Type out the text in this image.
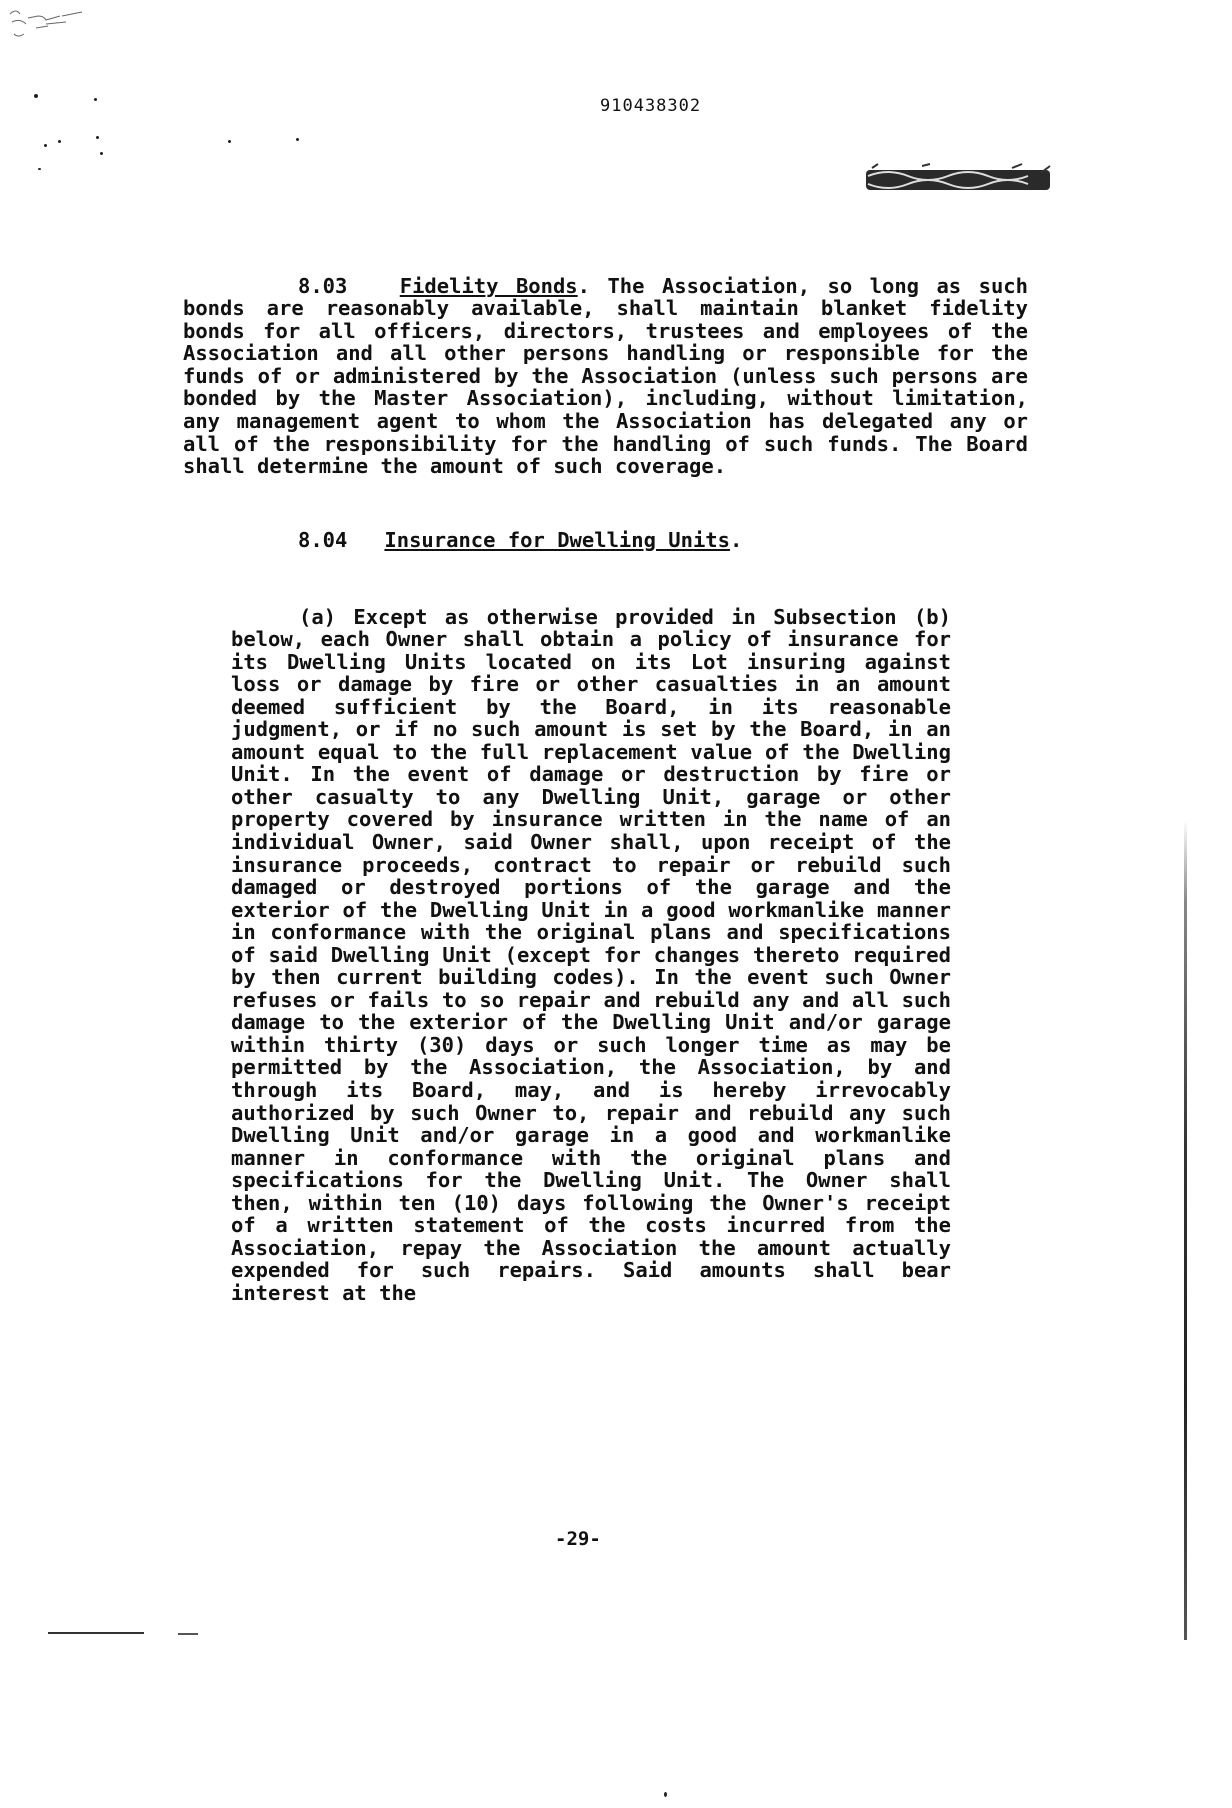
910438302

8.03	Fidelity Bonds. The Association, so long as such bonds are reasonably available, shall maintain blanket fidelity bonds for all officers, directors, trustees and employees of the Association and all other persons handling or responsible for the funds of or administered by the Association (unless such persons are bonded by the Master Association), including, without limitation, any management agent to whom the Association has delegated any or all of the responsibility for the handling of such funds. The Board shall determine the amount of such coverage.

8.04 Insurance for Dwelling Units.

(a) Except as otherwise provided in Subsection (b) below, each Owner shall obtain a policy of insurance for its Dwelling Units located on its Lot insuring against loss or damage by fire or other casualties in an amount deemed sufficient by the Board, in its reasonable judgment, or if no such amount is set by the Board, in an amount equal to the full replacement value of the Dwelling Unit. In the event of damage or destruction by fire or other casualty to any Dwelling Unit, garage or other property covered by insurance written in the name of an individual Owner, said Owner shall, upon receipt of the insurance proceeds, contract to repair or rebuild such damaged or destroyed portions of the garage and the exterior of the Dwelling Unit in a good workmanlike manner in conformance with the original plans and specifications of said Dwelling Unit (except for changes thereto required by then current building codes). In the event such Owner refuses or fails to so repair and rebuild any and all such damage to the exterior of the Dwelling Unit and/or garage within thirty (30) days or such longer time as may be permitted by the Association, the Association, by and through its Board, may, and is hereby irrevocably authorized by such Owner to, repair and rebuild any such Dwelling Unit and/or garage in a good and workmanlike manner in conformance with the original plans and specifications for the Dwelling Unit. The Owner shall then, within ten (10) days following the Owner's receipt of a written statement of the costs incurred from the Association, repay the Association the amount actually expended for such repairs. Said amounts shall bear interest at the

-29-
